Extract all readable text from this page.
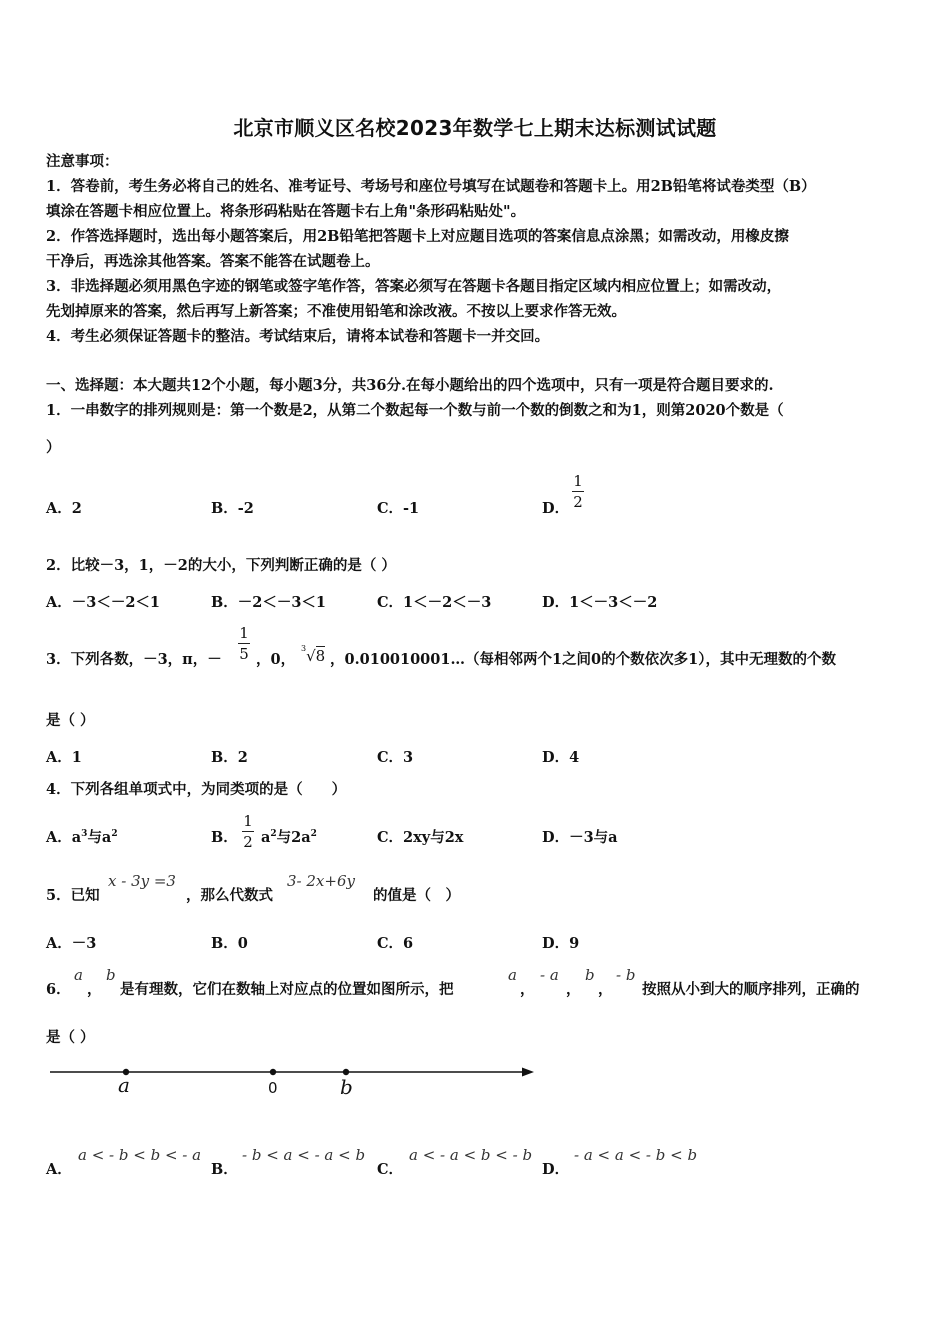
北京市顺义区名校2023年数学七上期末达标测试试题
注意事项：
1．答卷前，考生务必将自己的姓名、准考证号、考场号和座位号填写在试题卷和答题卡上。用2B铅笔将试卷类型（B）
填涂在答题卡相应位置上。将条形码粘贴在答题卡右上角"条形码粘贴处"。
2．作答选择题时，选出每小题答案后，用2B铅笔把答题卡上对应题目选项的答案信息点涂黑；如需改动，用橡皮擦
干净后，再选涂其他答案。答案不能答在试题卷上。
3．非选择题必须用黑色字迹的钢笔或签字笔作答，答案必须写在答题卡各题目指定区域内相应位置上；如需改动，
先划掉原来的答案，然后再写上新答案；不准使用铅笔和涂改液。不按以上要求作答无效。
4．考生必须保证答题卡的整洁。考试结束后，请将本试卷和答题卡一并交回。
一、选择题：本大题共12个小题，每小题3分，共36分.在每小题给出的四个选项中，只有一项是符合题目要求的.
1．一串数字的排列规则是：第一个数是2，从第二个数起每一个数与前一个数的倒数之和为1，则第2020个数是（
）
A．2	B．-2	C．-1	D． $\frac{1}{2}$
2．比较－3，1，－2的大小，下列判断正确的是（ ）
A．－3＜－2＜1	B．－2＜－3＜1	C．1＜－2＜－3	D．1＜－3＜－2
3．下列各数，－3，π，－ $\frac{1}{5}$ ，0，
$^3$√8 ，0.010010001…（每相邻两个1之间0的个数依次多1），其中无理数的个数
是（ ）
A．1	B．2	C．3	D．4
4．下列各组单项式中，为同类项的是（　　）
A．$a^3$与$a^2$	B． $\frac{1}{2} a^2$与$2a^2$	C．2xy与2x	D．－3与a
5．已知
x - 3y =3
，那么代数式
3- 2x+6y
的值是（　）
A．－3	B．0	C．6	D．9
6．
a
，
b
是有理数，它们在数轴上对应点的位置如图所示，把
a
，
- a
，
b
，
- b
按照从小到大的顺序排列，正确的
是（ ）
a	0	b
A．
a < - b < b < - a
B．
- b < a < - a < b
C．
a < - a < b < - b
D．
- a < a < - b < b
